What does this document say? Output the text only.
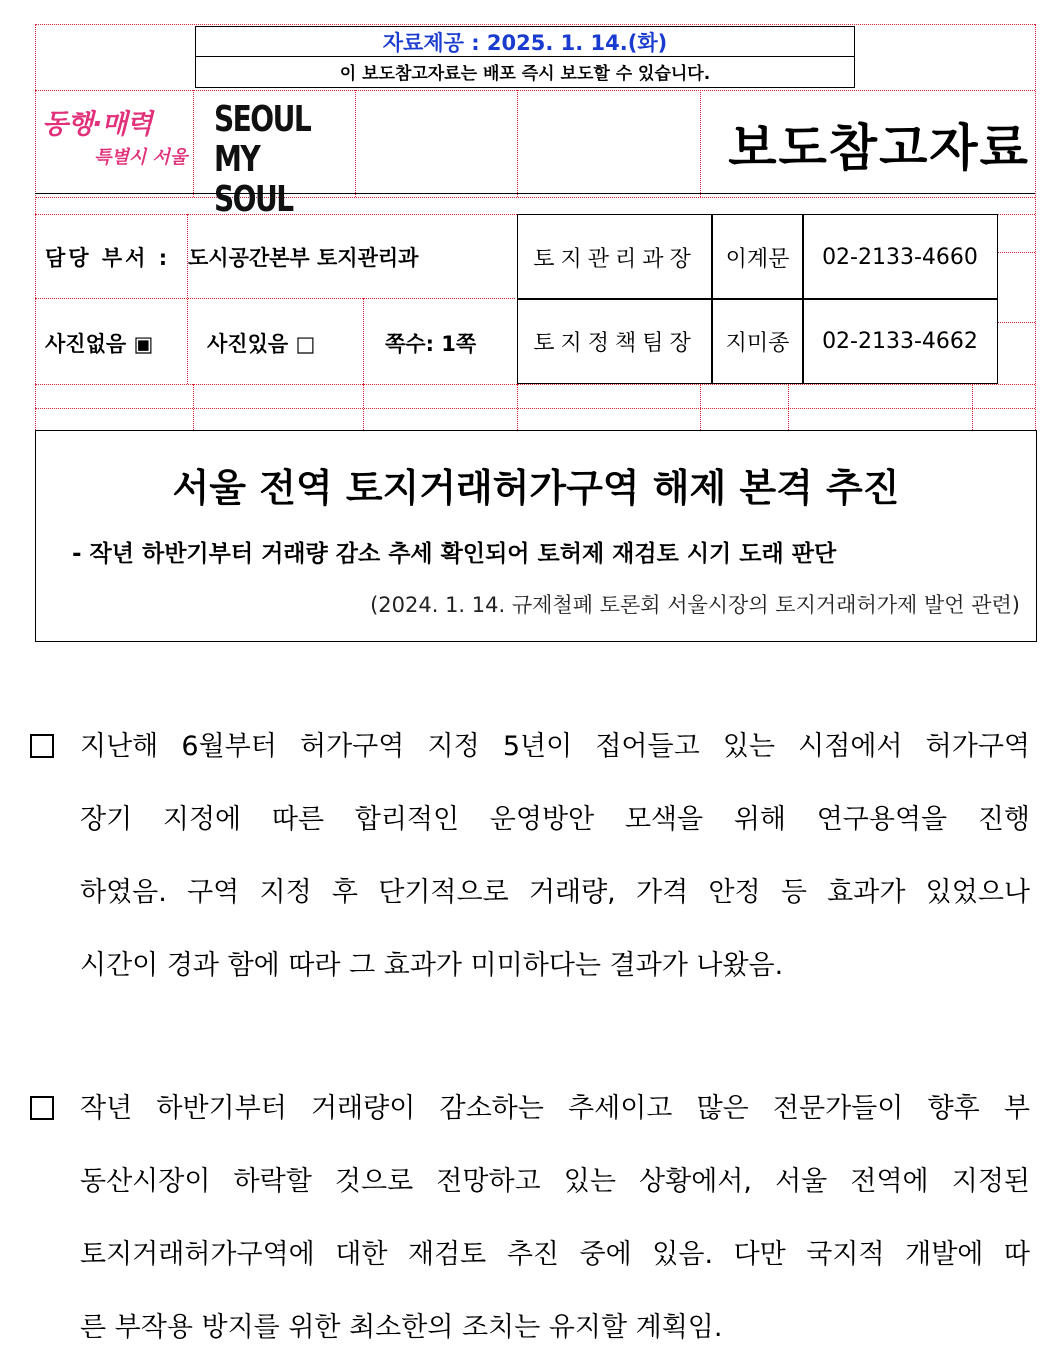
자료제공 : 2025. 1. 14.(화)
이 보도참고자료는 배포 즉시 보도할 수 있습니다.
동행·매력
특별시 서울
SEOUL
MY SOUL
보도참고자료
담당 부서 : 도시공간본부 토지관리과
사진없음 ▣	사진있음 □	쪽수: 1쪽
토지관리과장	이계문	02-2133-4660
토지정책팀장	지미종	02-2133-4662
서울 전역 토지거래허가구역 해제 본격 추진
- 작년 하반기부터 거래량 감소 추세 확인되어 토허제 재검토 시기 도래 판단
(2024. 1. 14. 규제철폐 토론회 서울시장의 토지거래허가제 발언 관련)
지난해 6월부터 허가구역 지정 5년이 접어들고 있는 시점에서 허가구역
장기 지정에 따른 합리적인 운영방안 모색을 위해 연구용역을 진행
하였음. 구역 지정 후 단기적으로 거래량, 가격 안정 등 효과가 있었으나
시간이 경과 함에 따라 그 효과가 미미하다는 결과가 나왔음.
작년 하반기부터 거래량이 감소하는 추세이고 많은 전문가들이 향후 부
동산시장이 하락할 것으로 전망하고 있는 상황에서, 서울 전역에 지정된
토지거래허가구역에 대한 재검토 추진 중에 있음. 다만 국지적 개발에 따
른 부작용 방지를 위한 최소한의 조치는 유지할 계획임.
